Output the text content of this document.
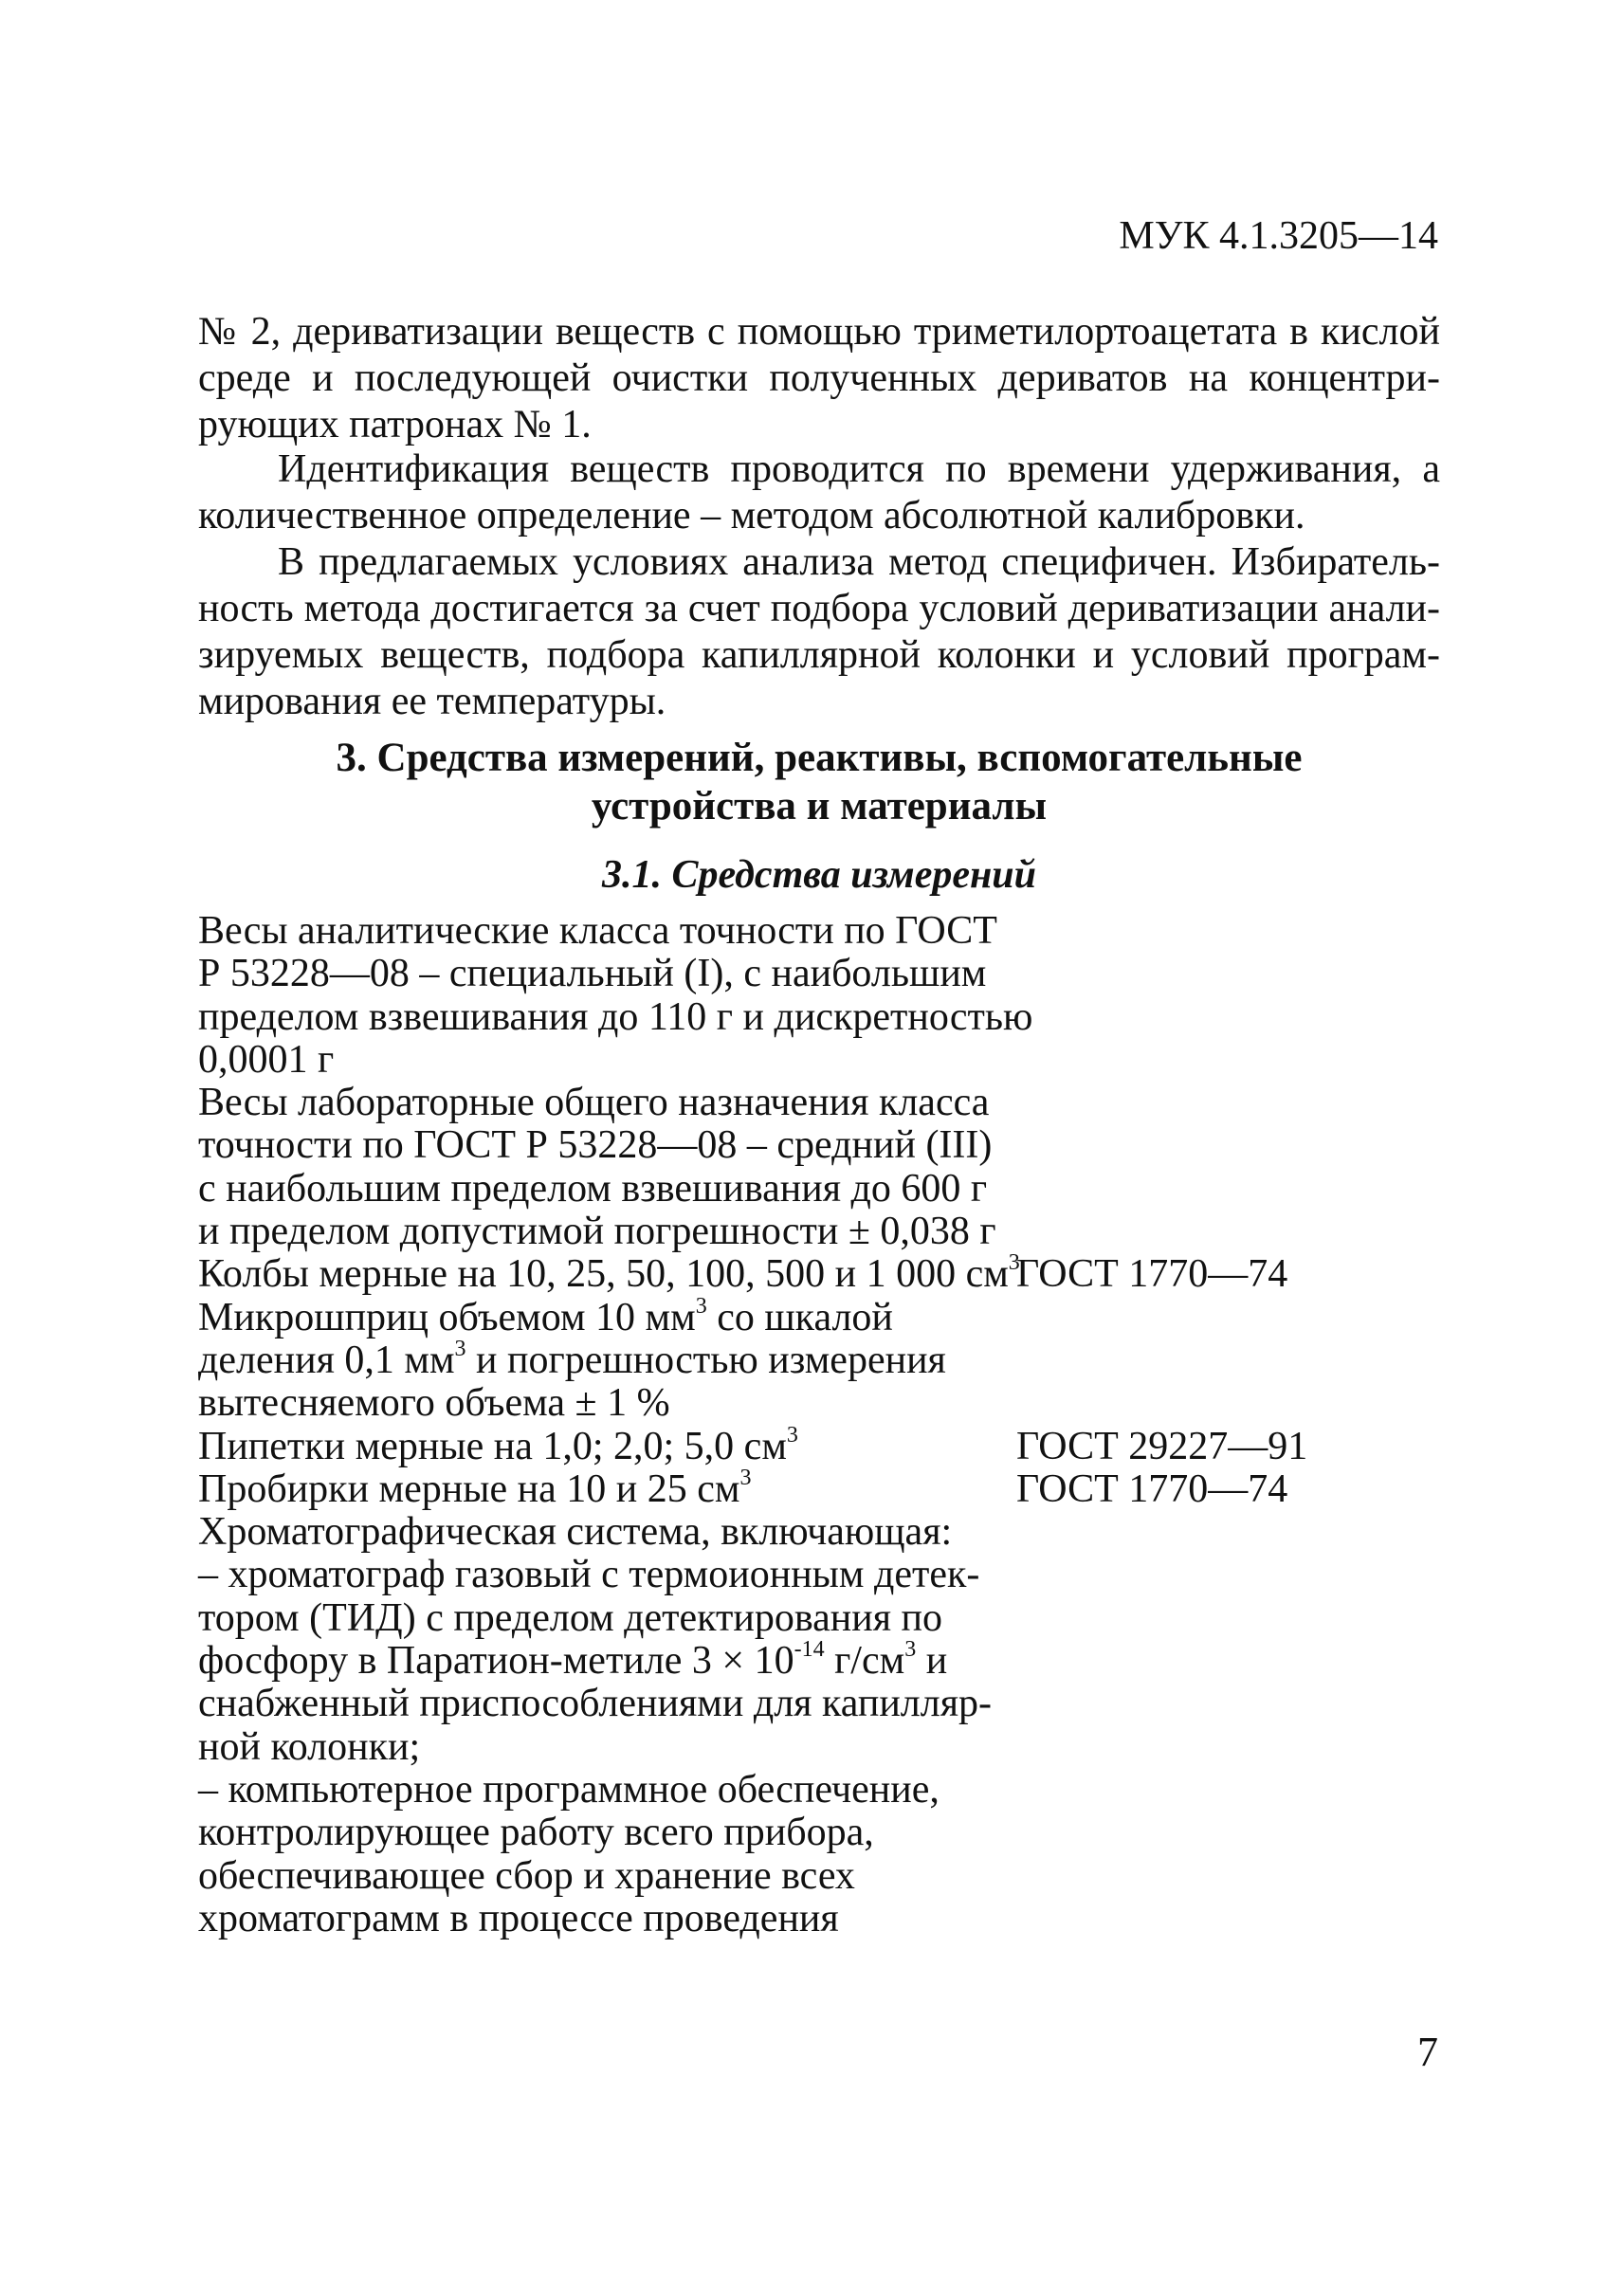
МУК 4.1.3205—14
№ 2, дериватизации веществ с помощью триметилортоацетата в кислой
среде и последующей очистки полученных дериватов на концентри-
рующих патронах № 1.
Идентификация веществ проводится по времени удерживания, а
количественное определение – методом абсолютной калибровки.
В предлагаемых условиях анализа метод специфичен. Избиратель-
ность метода достигается за счет подбора условий дериватизации анали-
зируемых веществ, подбора капиллярной колонки и условий програм-
мирования ее температуры.
3. Средства измерений, реактивы, вспомогательные
устройства и материалы
3.1. Средства измерений
Весы аналитические класса точности по ГОСТ
Р 53228—08 – специальный (I), с наибольшим
пределом взвешивания до 110 г и дискретностью
0,0001 г
Весы лабораторные общего назначения класса
точности по ГОСТ Р 53228—08 – средний (III)
с наибольшим пределом взвешивания до 600 г
и пределом допустимой погрешности ± 0,038 г
Колбы мерные на 10, 25, 50, 100, 500 и 1 000 $см^3$
ГОСТ 1770—74
Микрошприц объемом 10 $мм^3$ со шкалой
деления 0,1 $мм^3$ и погрешностью измерения
вытесняемого объема ± 1 %
Пипетки мерные на 1,0; 2,0; 5,0 $см^3$	ГОСТ 29227—91
Пробирки мерные на 10 и 25 $см^3$	ГОСТ 1770—74
Хроматографическая система, включающая:
– хроматограф газовый с термоионным детек-
тором (ТИД) с пределом детектирования по
фосфору в Паратион-метиле $3 \times 10^{-14}$ $г/см^3$ и
снабженный приспособлениями для капилляр-
ной колонки;
– компьютерное программное обеспечение,
контролирующее работу всего прибора,
обеспечивающее сбор и хранение всех
хроматограмм в процессе проведения
7
